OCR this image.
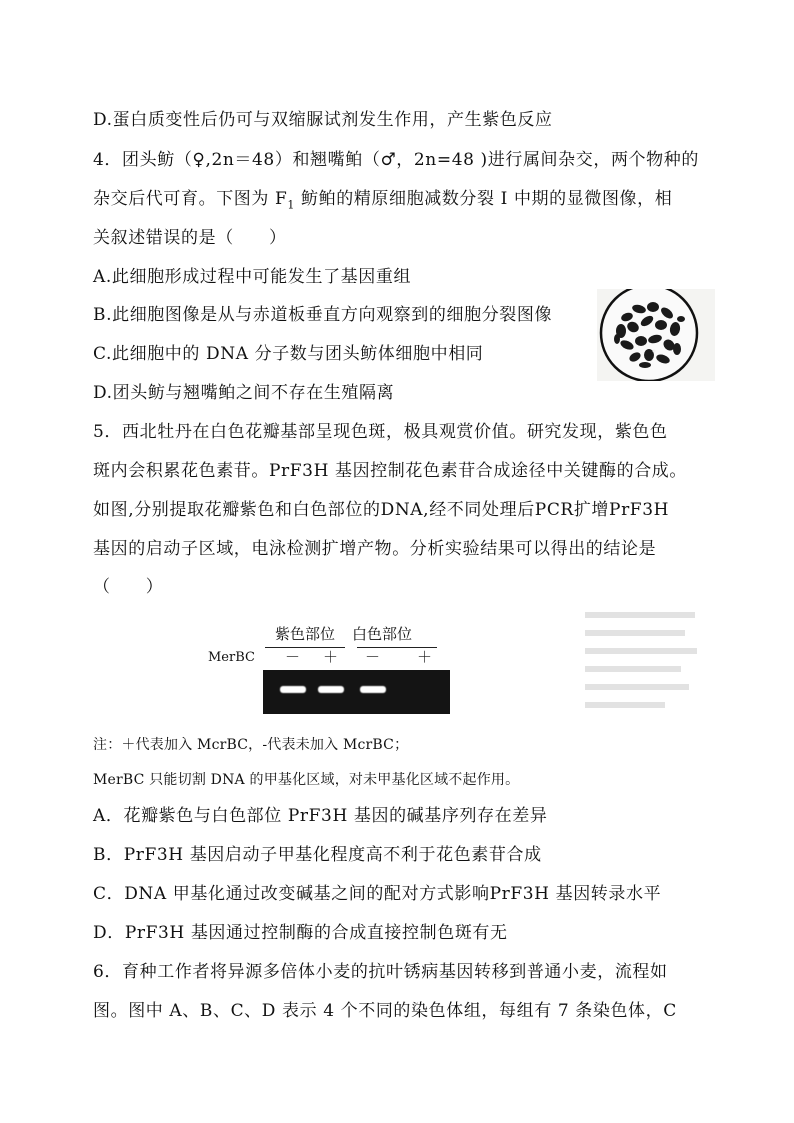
D.蛋白质变性后仍可与双缩脲试剂发生作用，产生紫色反应
4．团头鲂（♀,2n＝48）和翘嘴鲌（♂，2n=48 )进行属间杂交，两个物种的
杂交后代可育。下图为 $F_1$ 鲂鲌的精原细胞减数分裂 I 中期的显微图像，相
关叙述错误的是（　　）
A.此细胞形成过程中可能发生了基因重组
B.此细胞图像是从与赤道板垂直方向观察到的细胞分裂图像
C.此细胞中的 DNA 分子数与团头鲂体细胞中相同
D.团头鲂与翘嘴鲌之间不存在生殖隔离
5．西北牡丹在白色花瓣基部呈现色斑，极具观赏价值。研究发现，紫色色
斑内会积累花色素苷。PrF3H 基因控制花色素苷合成途径中关键酶的合成。
如图,分别提取花瓣紫色和白色部位的DNA,经不同处理后PCR扩增PrF3H
基因的启动子区域，电泳检测扩增产物。分析实验结果可以得出的结论是
（　　）
紫色部位 白色部位
MerBC － ＋ － ＋
注：＋代表加入 McrBC，-代表未加入 McrBC；
MerBC 只能切割 DNA 的甲基化区域，对未甲基化区域不起作用。
A．花瓣紫色与白色部位 PrF3H 基因的碱基序列存在差异
B．PrF3H 基因启动子甲基化程度高不利于花色素苷合成
C．DNA 甲基化通过改变碱基之间的配对方式影响PrF3H 基因转录水平
D．PrF3H 基因通过控制酶的合成直接控制色斑有无
6．育种工作者将异源多倍体小麦的抗叶锈病基因转移到普通小麦，流程如
图。图中 A、B、C、D 表示 4 个不同的染色体组，每组有 7 条染色体，C
